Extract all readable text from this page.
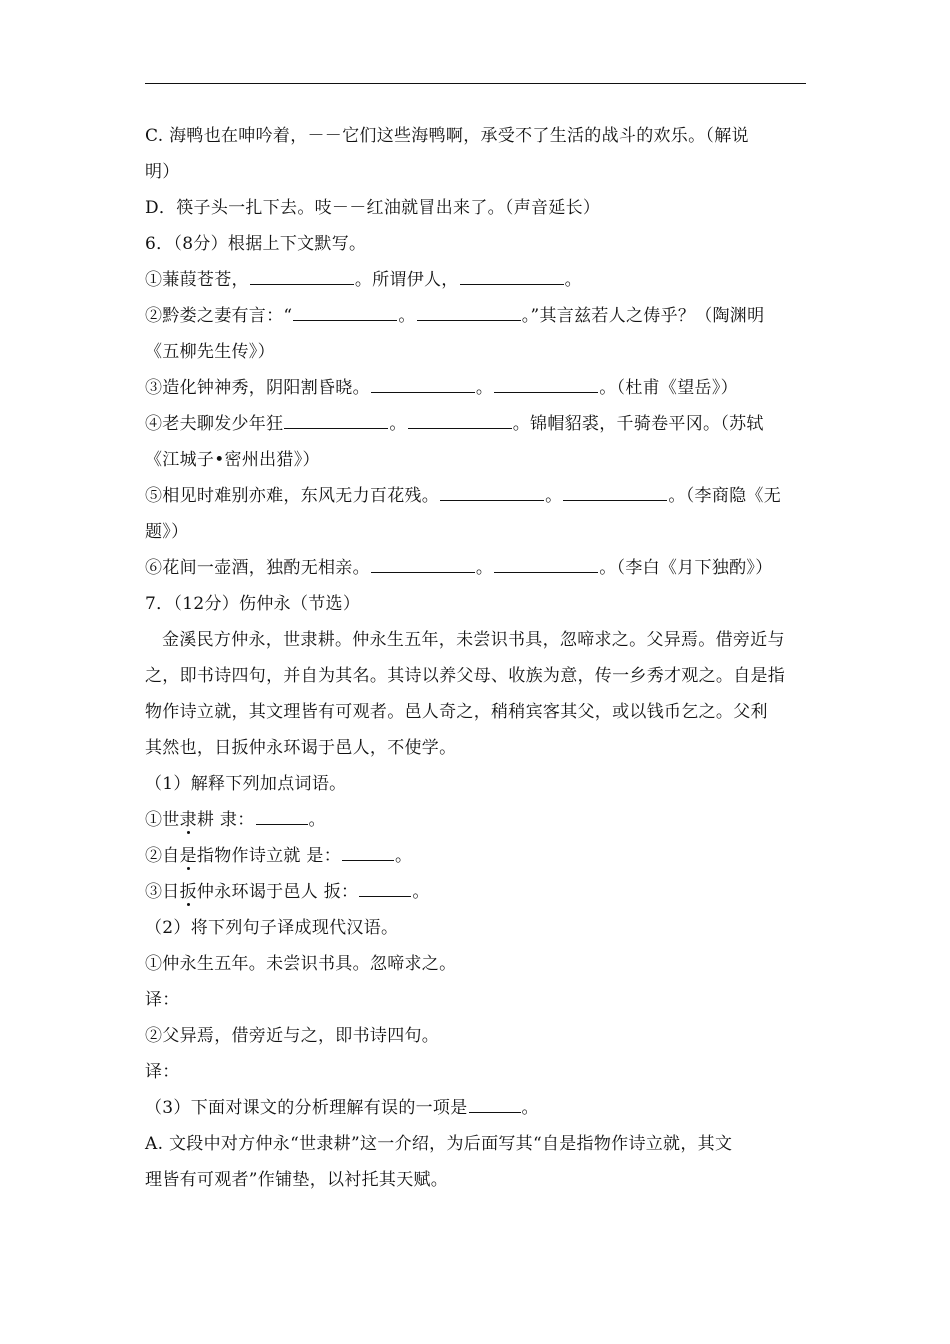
C. 海鸭也在呻吟着，－－它们这些海鸭啊，承受不了生活的战斗的欢乐。（解说
明）
D．筷子头一扎下去。吱－－红油就冒出来了。（声音延长）
6．（8分）根据上下文默写。
①蒹葭苍苍，	。所谓伊人，	。
②黔娄之妻有言：“	。	。”其言兹若人之俦乎？（陶渊明
《五柳先生传》）
③造化钟神秀，阴阳割昏晓。	。	。（杜甫《望岳》）
④老夫聊发少年狂	。	。锦帽貂裘，千骑卷平冈。（苏轼
《江城子•密州出猎》）
⑤相见时难别亦难，东风无力百花残。	。	。（李商隐《无
题》）
⑥花间一壶酒，独酌无相亲。	。	。（李白《月下独酌》）
7．（12分）伤仲永（节选）
金溪民方仲永，世隶耕。仲永生五年，未尝识书具，忽啼求之。父异焉。借旁近与
之，即书诗四句，并自为其名。其诗以养父母、收族为意，传一乡秀才观之。自是指
物作诗立就，其文理皆有可观者。邑人奇之，稍稍宾客其父，或以钱币乞之。父利
其然也，日扳仲永环谒于邑人，不使学。
（1）解释下列加点词语。
①世隶耕 隶：	。
②自是指物作诗立就 是：	。
③日扳仲永环谒于邑人 扳：	。
（2）将下列句子译成现代汉语。
①仲永生五年。未尝识书具。忽啼求之。
译：
②父异焉，借旁近与之，即书诗四句。
译：
（3）下面对课文的分析理解有误的一项是	。
A. 文段中对方仲永“世隶耕”这一介绍，为后面写其“自是指物作诗立就，其文
理皆有可观者”作铺垫，以衬托其天赋。
